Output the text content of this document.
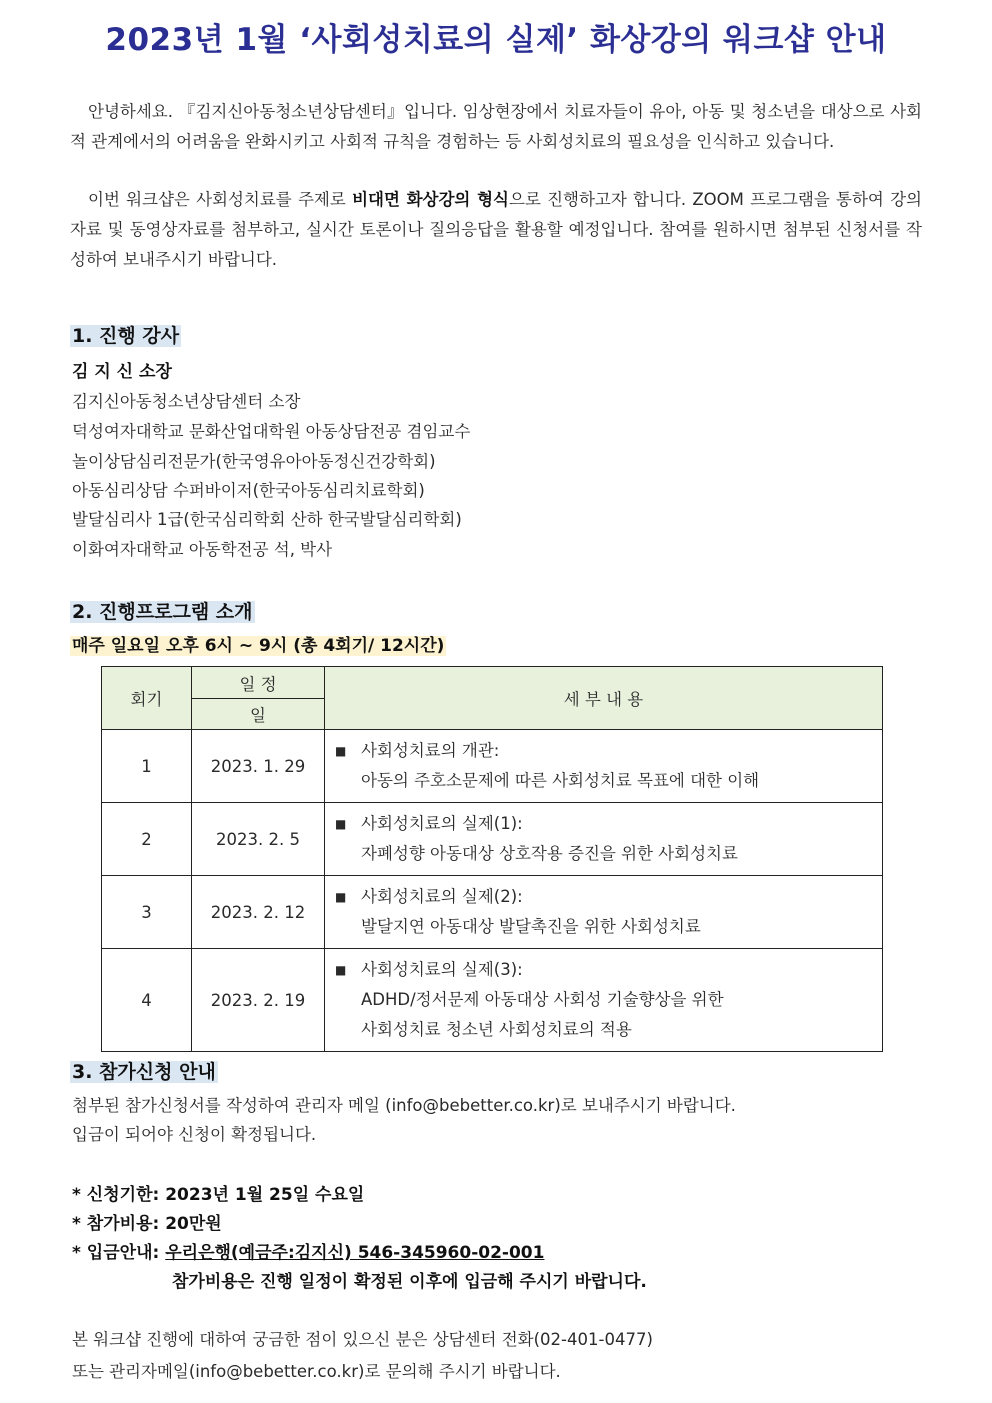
2023년 1월 ‘사회성치료의 실제’ 화상강의 워크샵 안내
안녕하세요. 『김지신아동청소년상담센터』입니다. 임상현장에서 치료자들이 유아, 아동 및 청소년을 대상으로 사회적 관계에서의 어려움을 완화시키고 사회적 규칙을 경험하는 등 사회성치료의 필요성을 인식하고 있습니다.
이번 워크샵은 사회성치료를 주제로 비대면 화상강의 형식으로 진행하고자 합니다. ZOOM 프로그램을 통하여 강의자료 및 동영상자료를 첨부하고, 실시간 토론이나 질의응답을 활용할 예정입니다. 참여를 원하시면 첨부된 신청서를 작성하여 보내주시기 바랍니다.
1. 진행 강사
김 지 신 소장
김지신아동청소년상담센터 소장
덕성여자대학교 문화산업대학원 아동상담전공 겸임교수
놀이상담심리전문가(한국영유아아동정신건강학회)
아동심리상담 수퍼바이저(한국아동심리치료학회)
발달심리사 1급(한국심리학회 산하 한국발달심리학회)
이화여자대학교 아동학전공 석, 박사
2. 진행프로그램 소개
매주 일요일 오후 6시 ~ 9시 (총 4회기/ 12시간)
회기	일 정	세 부 내 용
	일	
1	2023. 1. 29	■ 사회성치료의 개관:
아동의 주호소문제에 따른 사회성치료 목표에 대한 이해

2	2023. 2. 5	■ 사회성치료의 실제(1):
자폐성향 아동대상 상호작용 증진을 위한 사회성치료

3	2023. 2. 12	■ 사회성치료의 실제(2):
발달지연 아동대상 발달촉진을 위한 사회성치료

4	2023. 2. 19	■ 사회성치료의 실제(3):
ADHD/정서문제 아동대상 사회성 기술향상을 위한
사회성치료 청소년 사회성치료의 적용
3. 참가신청 안내
첨부된 참가신청서를 작성하여 관리자 메일 (info@bebetter.co.kr)로 보내주시기 바랍니다.
입금이 되어야 신청이 확정됩니다.
* 신청기한: 2023년 1월 25일 수요일
* 참가비용: 20만원
* 입금안내: 우리은행(예금주:김지신) 546-345960-02-001
참가비용은 진행 일정이 확정된 이후에 입금해 주시기 바랍니다.
본 워크샵 진행에 대하여 궁금한 점이 있으신 분은 상담센터 전화(02-401-0477)
또는 관리자메일(info@bebetter.co.kr)로 문의해 주시기 바랍니다.
